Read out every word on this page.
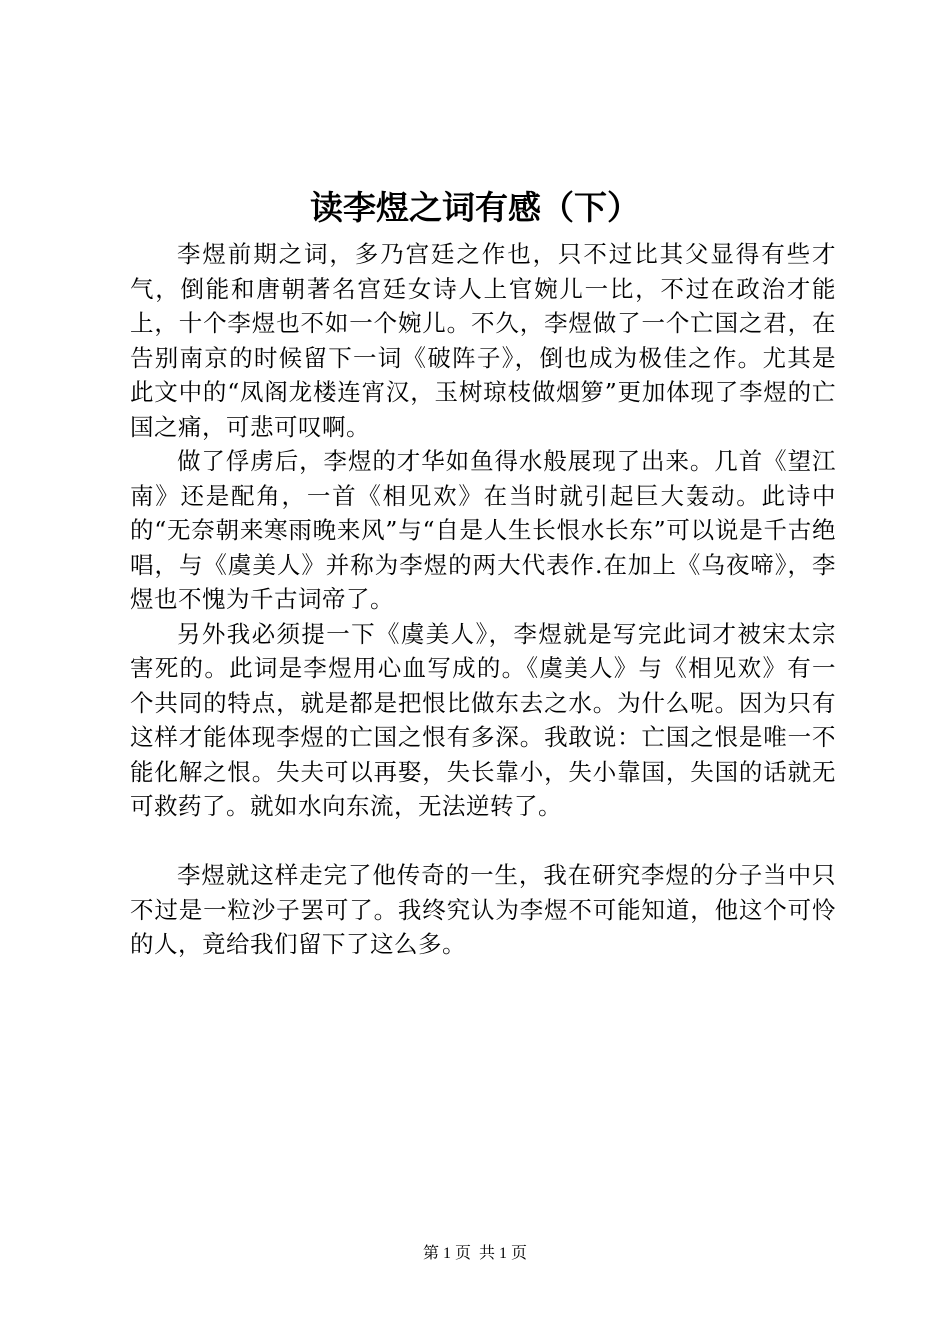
读李煜之词有感（下）

李煜前期之词，多乃宫廷之作也，只不过比其父显得有些才气，倒能和唐朝著名宫廷女诗人上官婉儿一比，不过在政治才能上，十个李煜也不如一个婉儿。不久，李煜做了一个亡国之君，在告别南京的时候留下一词《破阵子》，倒也成为极佳之作。尤其是此文中的“凤阁龙楼连宵汉，玉树琼枝做烟箩”更加体现了李煜的亡国之痛，可悲可叹啊。

做了俘虏后，李煜的才华如鱼得水般展现了出来。几首《望江南》还是配角，一首《相见欢》在当时就引起巨大轰动。此诗中的“无奈朝来寒雨晚来风”与“自是人生长恨水长东”可以说是千古绝唱，与《虞美人》并称为李煜的两大代表作.在加上《乌夜啼》，李煜也不愧为千古词帝了。

另外我必须提一下《虞美人》，李煜就是写完此词才被宋太宗害死的。此词是李煜用心血写成的。《虞美人》与《相见欢》有一个共同的特点，就是都是把恨比做东去之水。为什么呢。因为只有这样才能体现李煜的亡国之恨有多深。我敢说：亡国之恨是唯一不能化解之恨。失夫可以再娶，失长靠小，失小靠国，失国的话就无可救药了。就如水向东流，无法逆转了。

李煜就这样走完了他传奇的一生，我在研究李煜的分子当中只不过是一粒沙子罢可了。我终究认为李煜不可能知道，他这个可怜的人，竟给我们留下了这么多。

第 1 页 共 1 页
